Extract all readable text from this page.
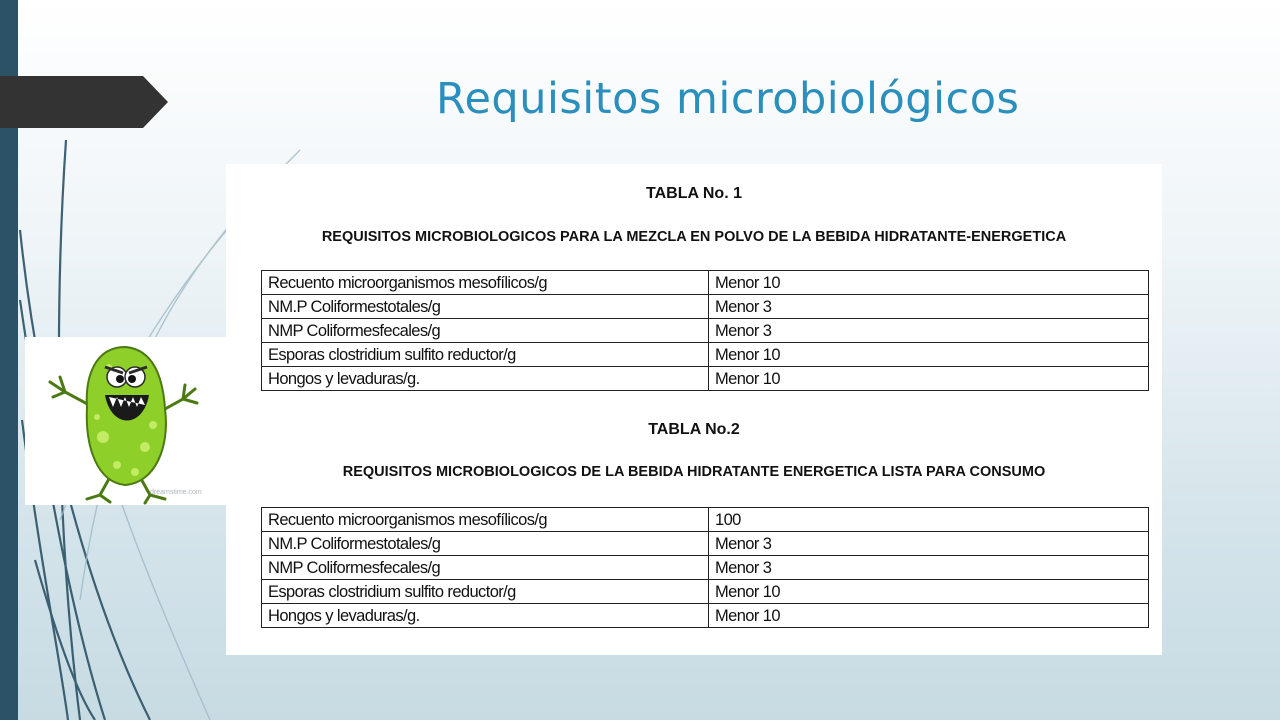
Requisitos microbiológicos
dreamstime.com
TABLA No. 1
REQUISITOS MICROBIOLOGICOS PARA LA MEZCLA EN POLVO DE LA BEBIDA HIDRATANTE-ENERGETICA
Recuento microorganismos mesofílicos/g	Menor 10
NM.P Coliformestotales/g	Menor 3
NMP Coliformesfecales/g	Menor 3
Esporas clostridium sulfito reductor/g	Menor 10
Hongos y levaduras/g.	Menor 10
TABLA No.2
REQUISITOS MICROBIOLOGICOS DE LA BEBIDA HIDRATANTE ENERGETICA LISTA PARA CONSUMO
Recuento microorganismos mesofílicos/g	100
NM.P Coliformestotales/g	Menor 3
NMP Coliformesfecales/g	Menor 3
Esporas clostridium sulfito reductor/g	Menor 10
Hongos y levaduras/g.	Menor 10
